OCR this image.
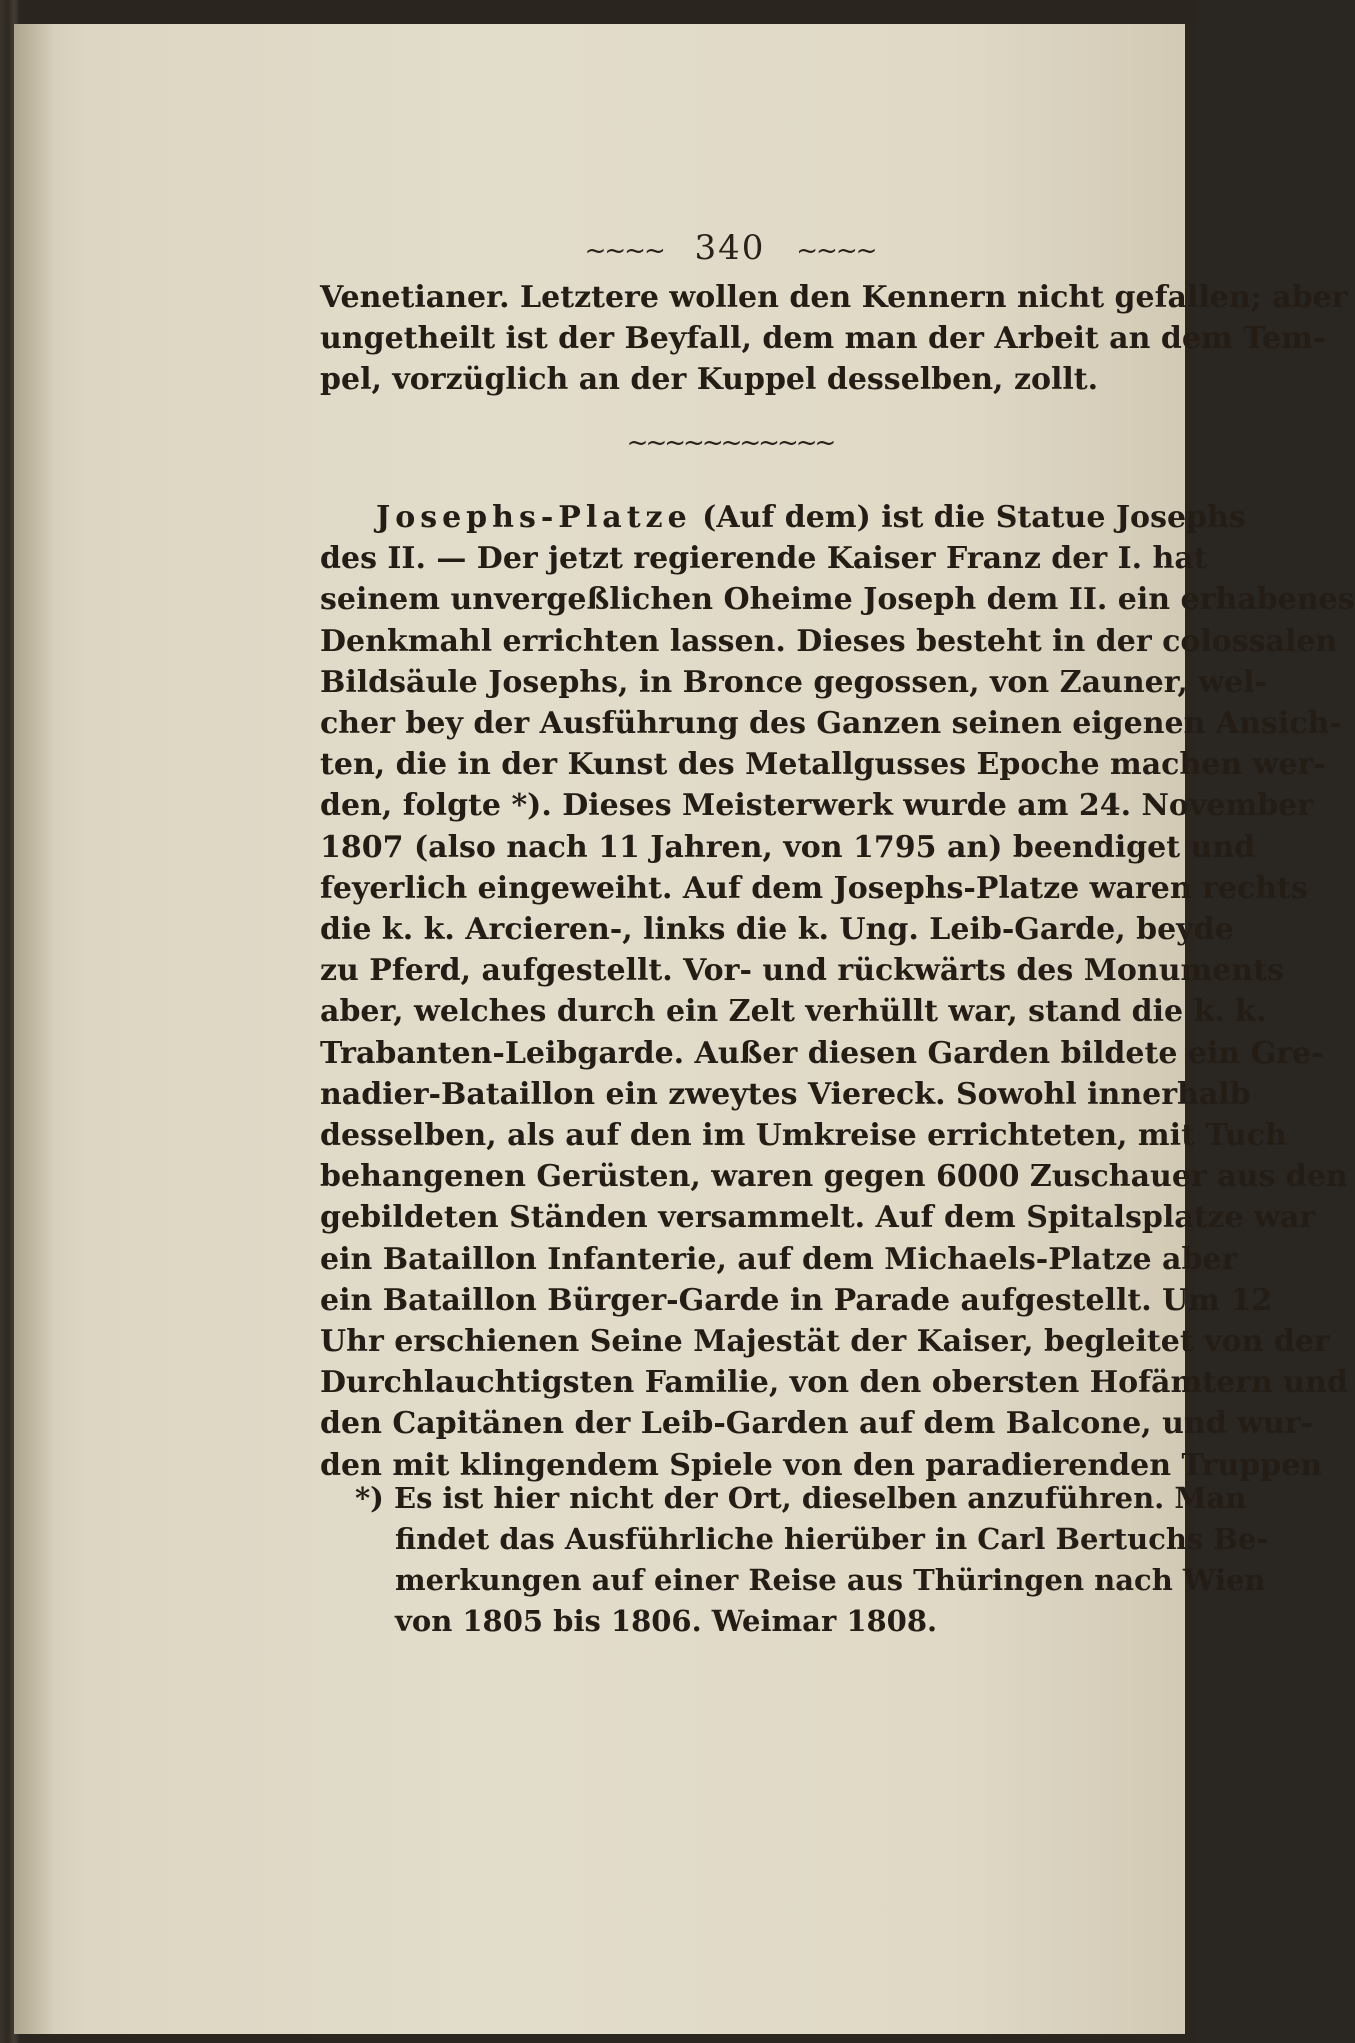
~~~~ 340 ~~~~
Venetianer. Letztere wollen den Kennern nicht gefallen; aber
ungetheilt ist der Beyfall, dem man der Arbeit an dem Tem-
pel, vorzüglich an der Kuppel desselben, zollt.
~~~~~~~~~~~
Josephs-Platze (Auf dem) ist die Statue Josephs
des II. — Der jetzt regierende Kaiser Franz der I. hat
seinem unvergeßlichen Oheime Joseph dem II. ein erhabenes
Denkmahl errichten lassen. Dieses besteht in der colossalen
Bildsäule Josephs, in Bronce gegossen, von Zauner, wel-
cher bey der Ausführung des Ganzen seinen eigenen Ansich-
ten, die in der Kunst des Metallgusses Epoche machen wer-
den, folgte *). Dieses Meisterwerk wurde am 24. November
1807 (also nach 11 Jahren, von 1795 an) beendiget und
feyerlich eingeweiht. Auf dem Josephs-Platze waren rechts
die k. k. Arcieren-, links die k. Ung. Leib-Garde, beyde
zu Pferd, aufgestellt. Vor- und rückwärts des Monuments
aber, welches durch ein Zelt verhüllt war, stand die k. k.
Trabanten-Leibgarde. Außer diesen Garden bildete ein Gre-
nadier-Bataillon ein zweytes Viereck. Sowohl innerhalb
desselben, als auf den im Umkreise errichteten, mit Tuch
behangenen Gerüsten, waren gegen 6000 Zuschauer aus den
gebildeten Ständen versammelt. Auf dem Spitalsplatze war
ein Bataillon Infanterie, auf dem Michaels-Platze aber
ein Bataillon Bürger-Garde in Parade aufgestellt. Um 12
Uhr erschienen Seine Majestät der Kaiser, begleitet von der
Durchlauchtigsten Familie, von den obersten Hofämtern und
den Capitänen der Leib-Garden auf dem Balcone, und wur-
den mit klingendem Spiele von den paradierenden Truppen
*) Es ist hier nicht der Ort, dieselben anzuführen. Man
findet das Ausführliche hierüber in Carl Bertuchs Be-
merkungen auf einer Reise aus Thüringen nach Wien
von 1805 bis 1806. Weimar 1808.
